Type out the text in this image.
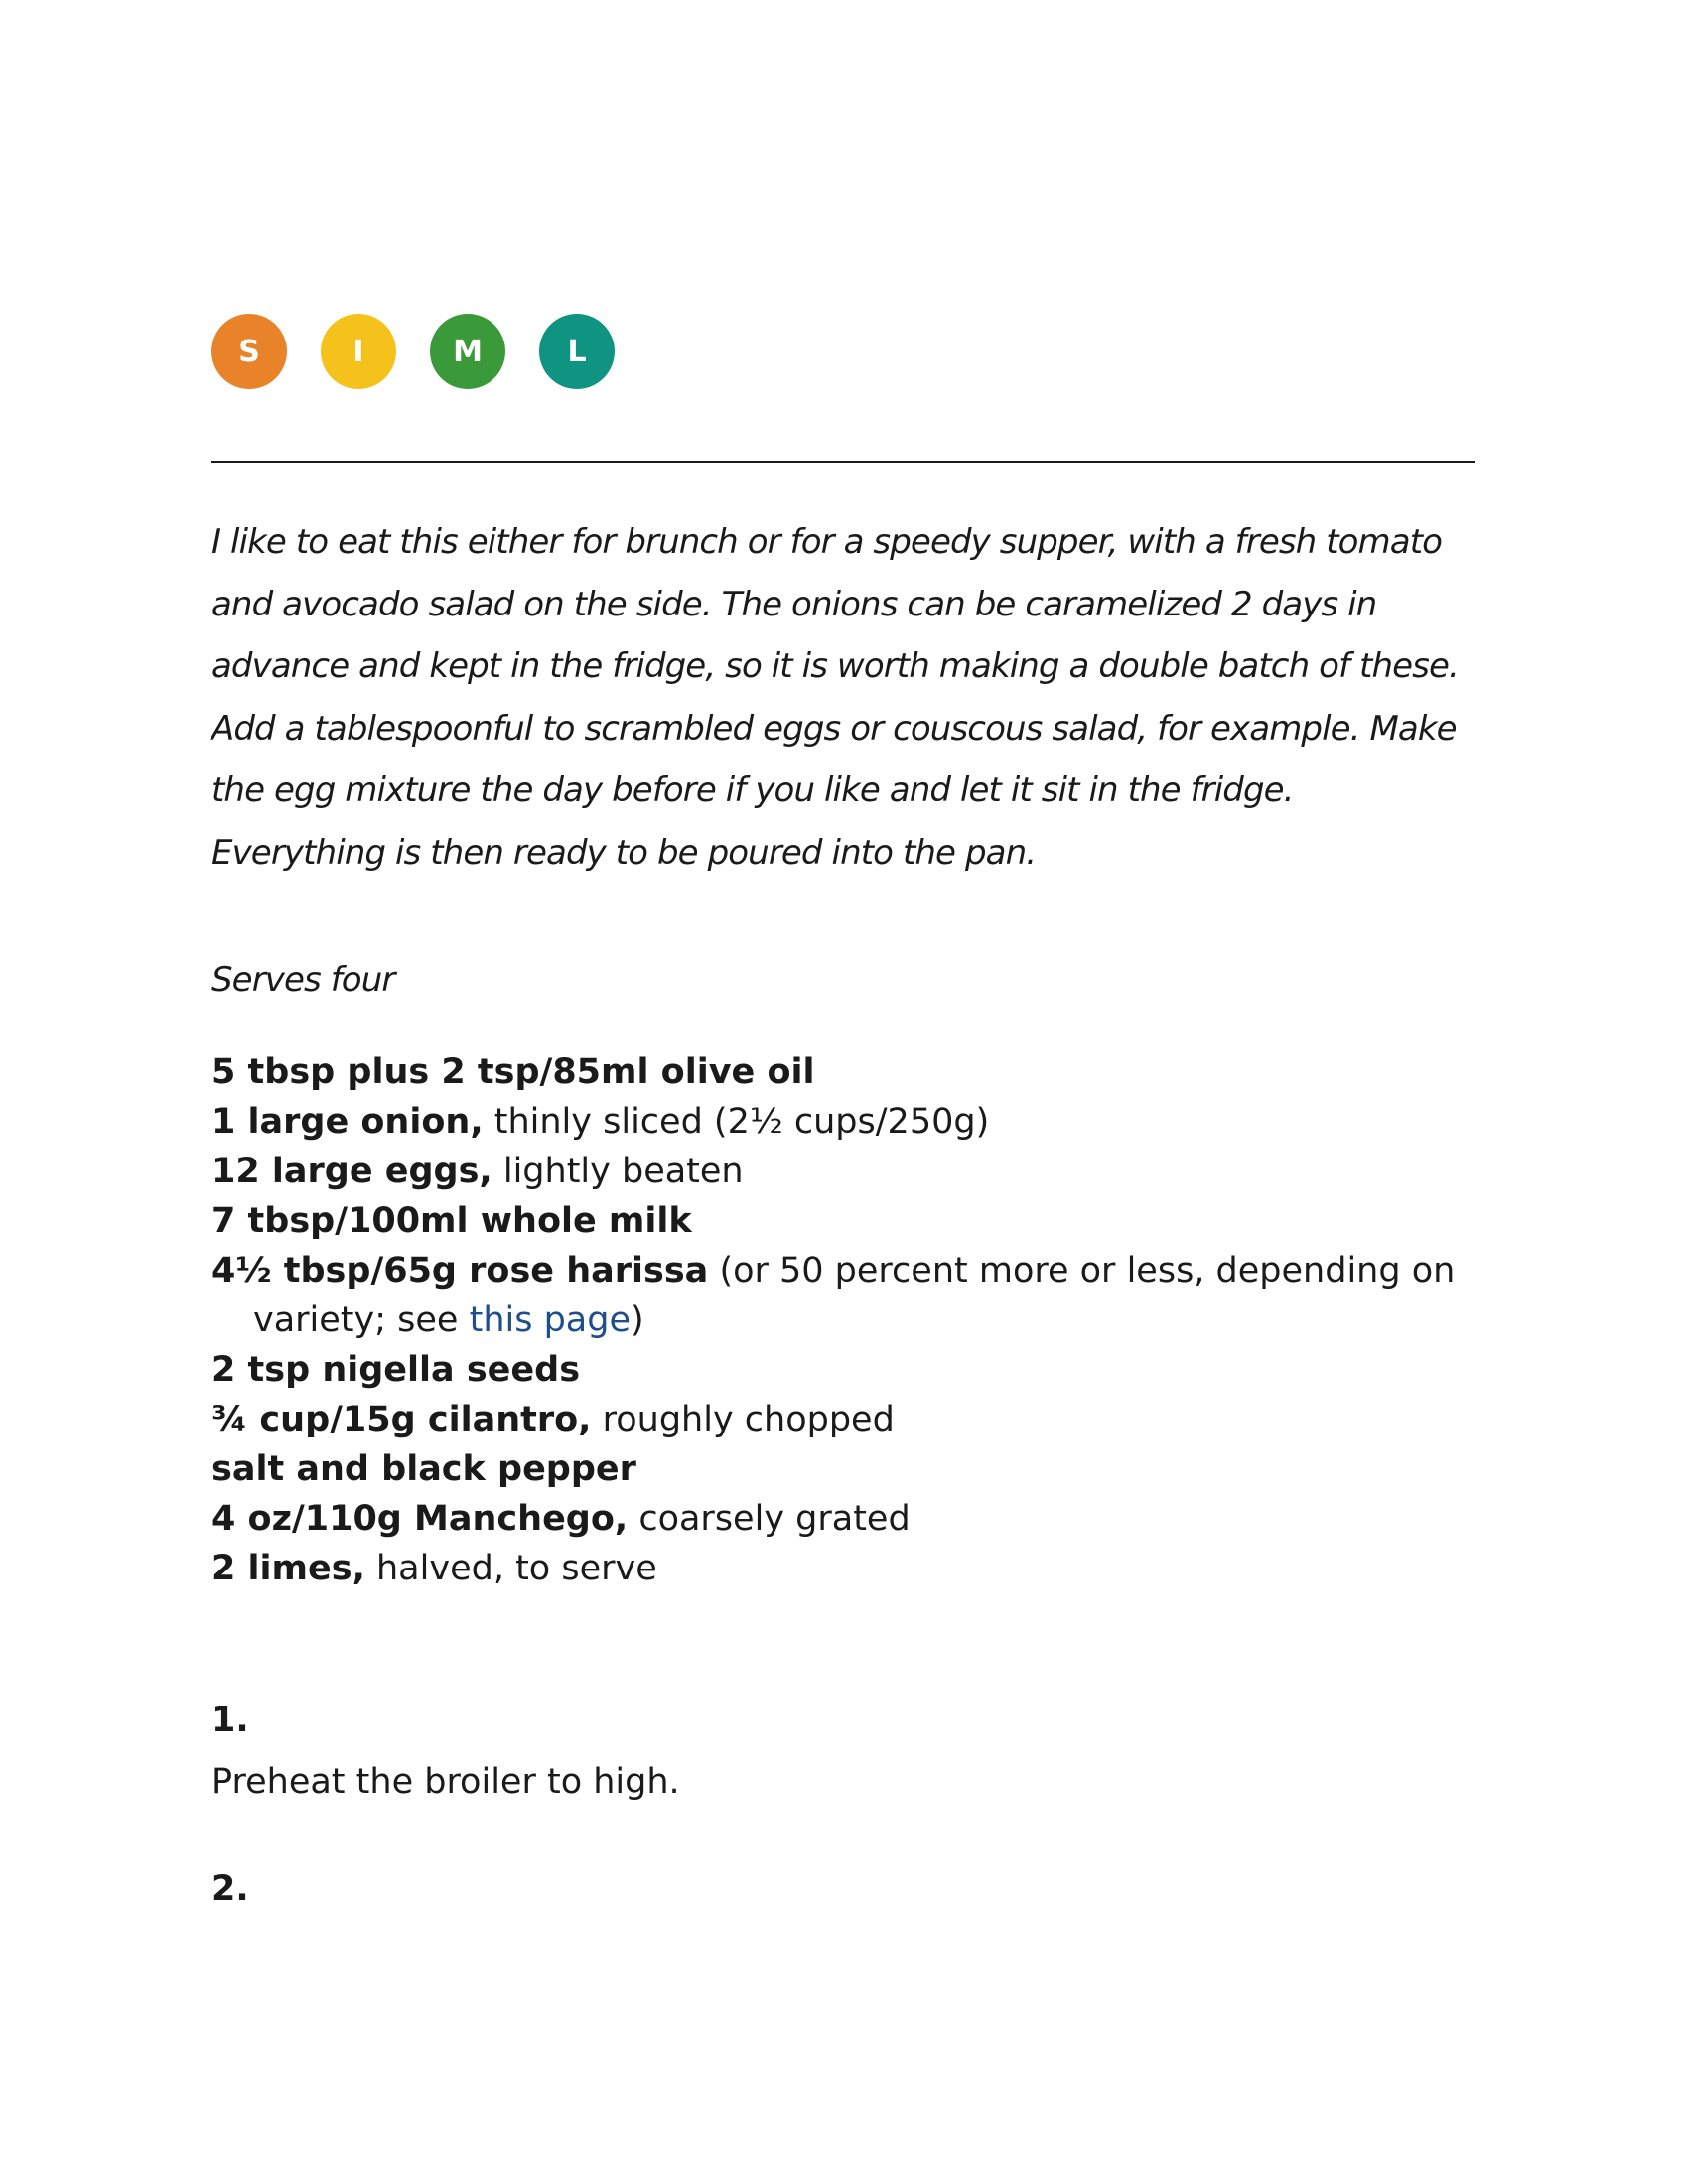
S	I	M	L

I like to eat this either for brunch or for a speedy supper, with a fresh tomato and avocado salad on the side. The onions can be caramelized 2 days in advance and kept in the fridge, so it is worth making a double batch of these. Add a tablespoonful to scrambled eggs or couscous salad, for example. Make the egg mixture the day before if you like and let it sit in the fridge. Everything is then ready to be poured into the pan.

Serves four

5 tbsp plus 2 tsp/85ml olive oil
1 large onion, thinly sliced (2½ cups/250g)
12 large eggs, lightly beaten
7 tbsp/100ml whole milk
4½ tbsp/65g rose harissa (or 50 percent more or less, depending on variety; see this page)
2 tsp nigella seeds
¾ cup/15g cilantro, roughly chopped
salt and black pepper
4 oz/110g Manchego, coarsely grated
2 limes, halved, to serve

1.

Preheat the broiler to high.

2.
